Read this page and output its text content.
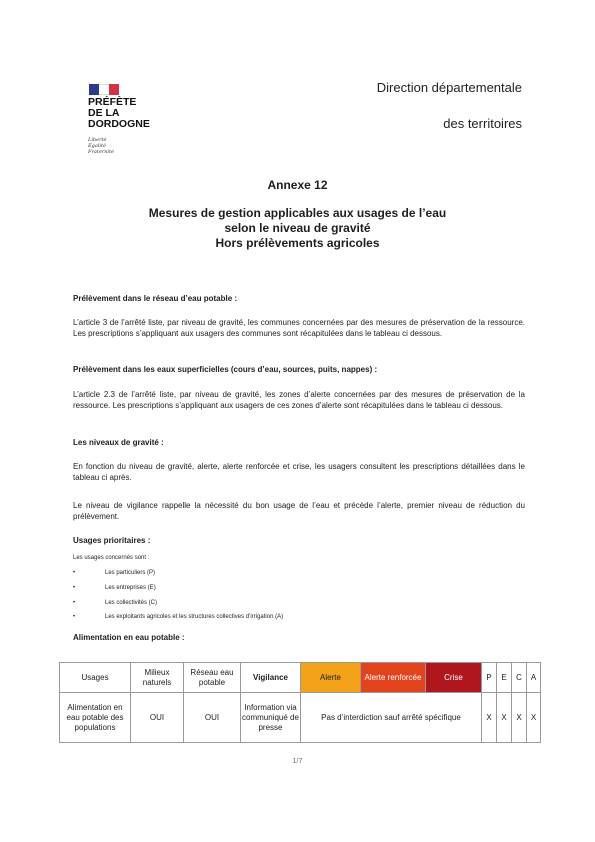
PRÉFÈTE
DE LA
DORDOGNE
Liberté
Égalité
Fraternité
Direction départementale
des territoires
Annexe 12
Mesures de gestion applicables aux usages de l’eau
selon le niveau de gravité
Hors prélèvements agricoles
Prélèvement dans le réseau d’eau potable :
L’article 3 de l’arrêté liste, par niveau de gravité, les communes concernées par des mesures de préservation de la ressource. Les prescriptions s’appliquant aux usagers des communes sont récapitulées dans le tableau ci dessous.
Prélèvement dans les eaux superficielles (cours d’eau, sources, puits, nappes) :
L’article 2.3 de l’arrêté liste, par niveau de gravité, les zones d’alerte concernées par des mesures de préservation de la ressource. Les prescriptions s’appliquant aux usagers de ces zones d’alerte sont récapitulées dans le tableau ci dessous.
Les niveaux de gravité :
En fonction du niveau de gravité, alerte, alerte renforcée et crise, les usagers consultent les prescriptions détaillées dans le tableau ci après.
Le niveau de vigilance rappelle la nécessité du bon usage de l’eau et précède l’alerte, premier niveau de réduction du prélèvement.
Usages prioritaires :
Les usages concernés sont :
•	Les particuliers (P)
•	Les entreprises (E)
•	Les collectivités (C)
•	Les exploitants agricoles et les structures collectives d’irrigation (A)
Alimentation en eau potable :
Usages	Milieux naturels	Réseau eau potable	Vigilance	Alerte	Alerte renforcée	Crise	P	E	C	A
Alimentation en eau potable des populations	OUI	OUI	Information via communiqué de presse	Pas d’interdiction sauf arrêté spécifique			X	X	X	X
1/7
